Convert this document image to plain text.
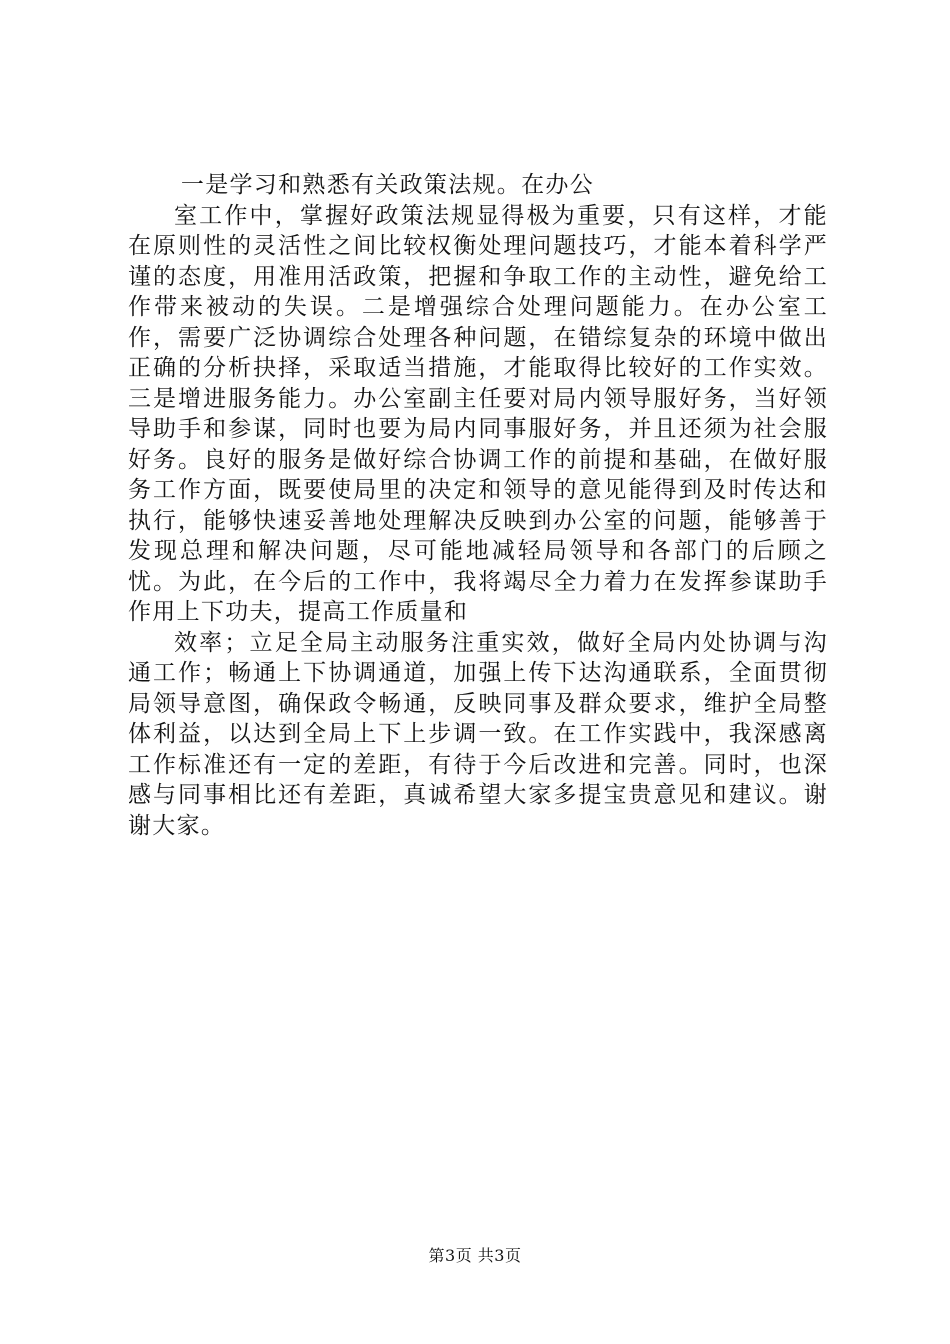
一是学习和熟悉有关政策法规。在办公

室工作中，掌握好政策法规显得极为重要，只有这样，才能在原则性的灵活性之间比较权衡处理问题技巧，才能本着科学严谨的态度，用准用活政策，把握和争取工作的主动性，避免给工作带来被动的失误。二是增强综合处理问题能力。在办公室工作，需要广泛协调综合处理各种问题，在错综复杂的环境中做出正确的分析抉择，采取适当措施，才能取得比较好的工作实效。三是增进服务能力。办公室副主任要对局内领导服好务，当好领导助手和参谋，同时也要为局内同事服好务，并且还须为社会服好务。良好的服务是做好综合协调工作的前提和基础，在做好服务工作方面，既要使局里的决定和领导的意见能得到及时传达和执行，能够快速妥善地处理解决反映到办公室的问题，能够善于发现总理和解决问题，尽可能地减轻局领导和各部门的后顾之忧。为此，在今后的工作中，我将竭尽全力着力在发挥参谋助手作用上下功夫，提高工作质量和

效率；立足全局主动服务注重实效，做好全局内处协调与沟通工作；畅通上下协调通道，加强上传下达沟通联系，全面贯彻局领导意图，确保政令畅通，反映同事及群众要求，维护全局整体利益，以达到全局上下上步调一致。在工作实践中，我深感离工作标准还有一定的差距，有待于今后改进和完善。同时，也深感与同事相比还有差距，真诚希望大家多提宝贵意见和建议。谢谢大家。

第3页 共3页
